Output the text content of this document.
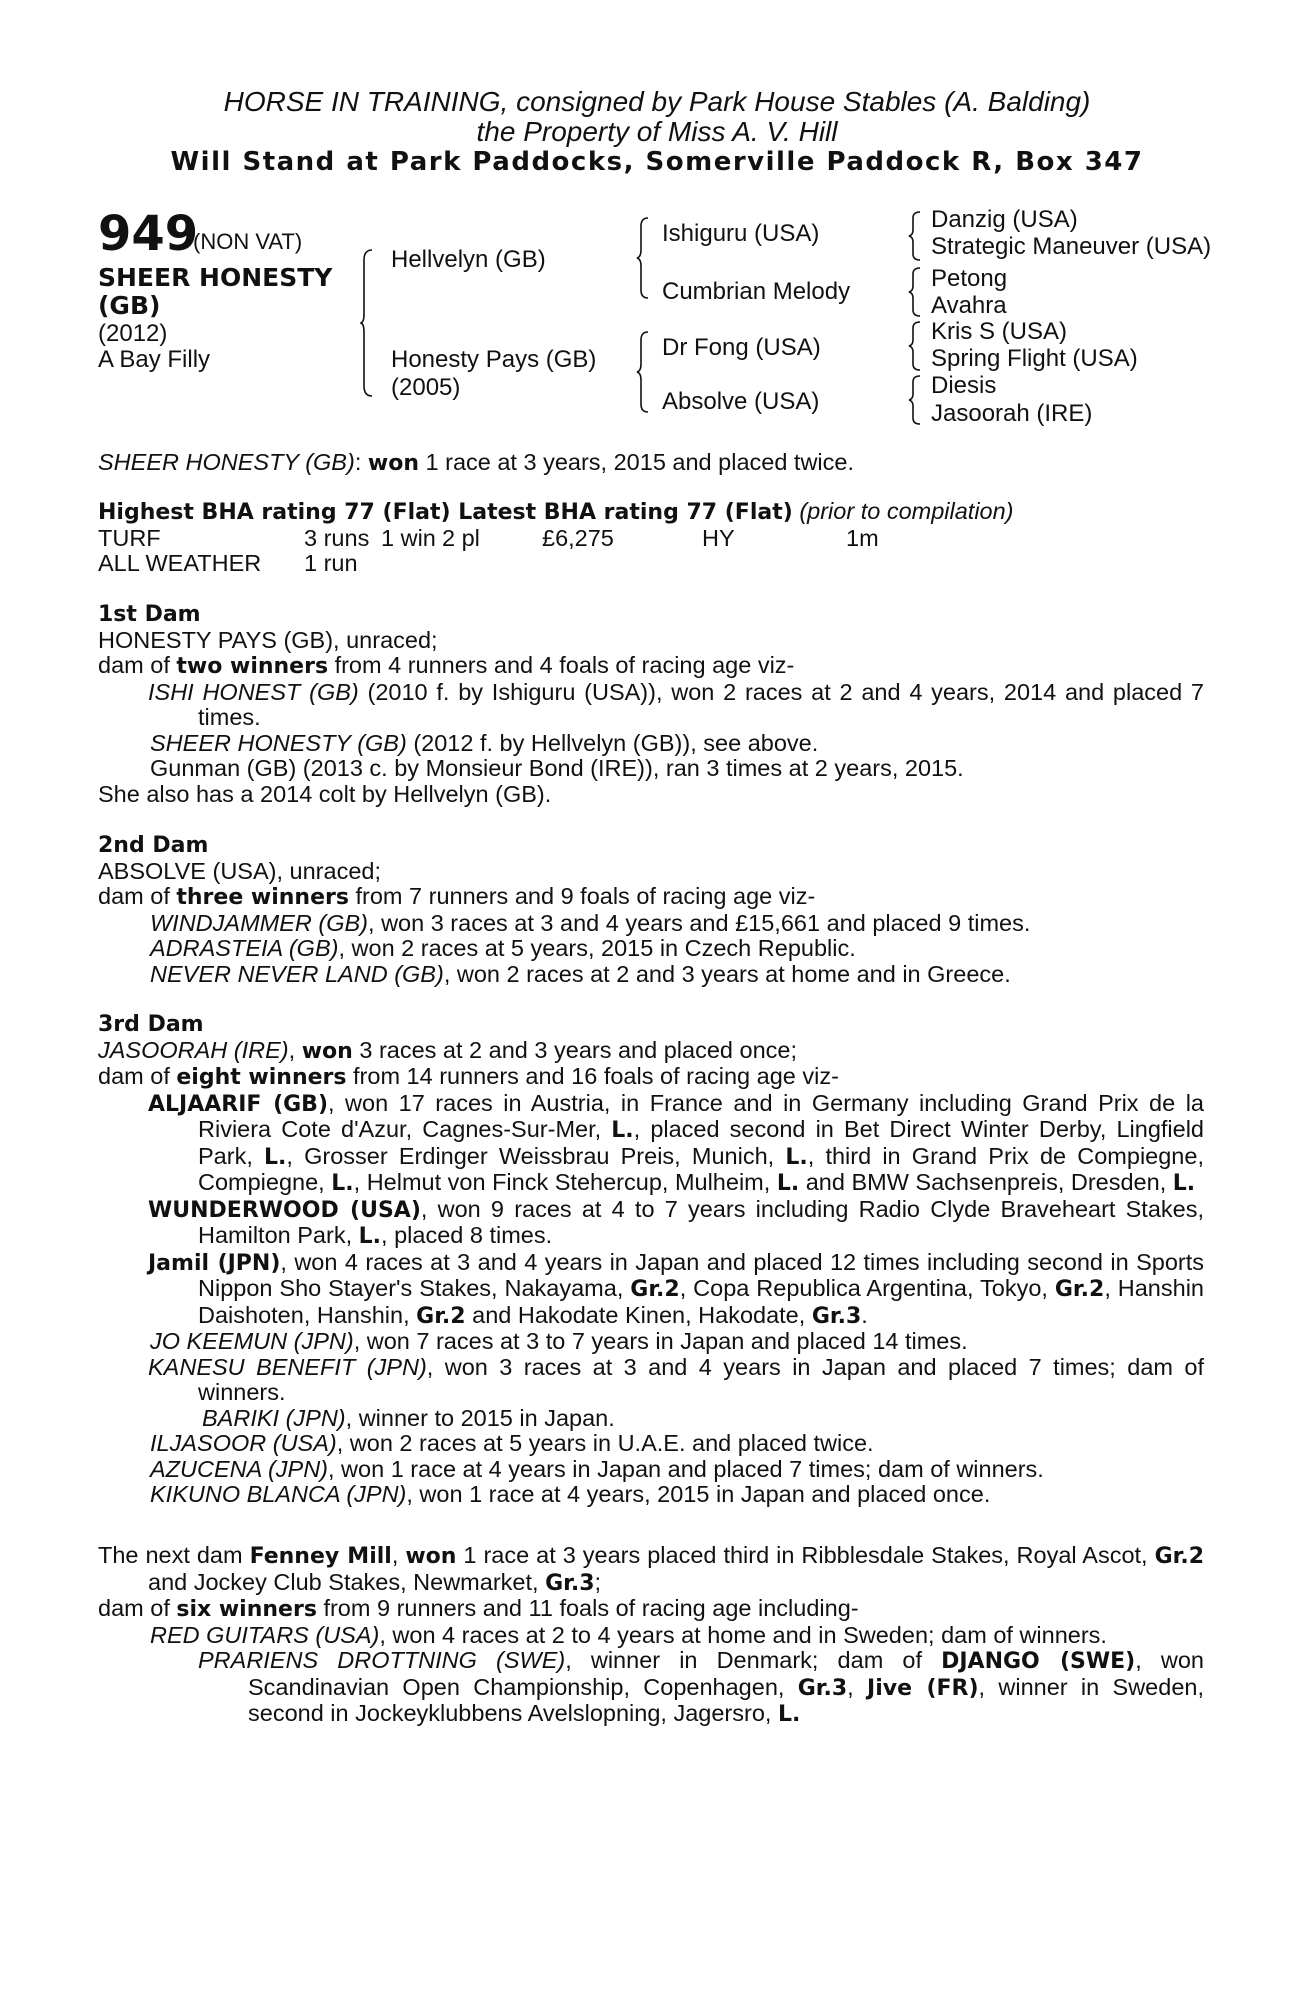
HORSE IN TRAINING, consigned by Park House Stables (A. Balding)
the Property of Miss A. V. Hill
Will Stand at Park Paddocks, Somerville Paddock R, Box 347
949
(NON VAT)
SHEER HONESTY (GB)
(2012)
A Bay Filly
Hellvelyn (GB)
Honesty Pays (GB)
(2005)
Ishiguru (USA)
Cumbrian Melody
Dr Fong (USA)
Absolve (USA)
Danzig (USA)
Strategic Maneuver (USA)
Petong
Avahra
Kris S (USA)
Spring Flight (USA)
Diesis
Jasoorah (IRE)

SHEER HONESTY (GB): won 1 race at 3 years, 2015 and placed twice.

Highest BHA rating 77 (Flat) Latest BHA rating 77 (Flat) (prior to compilation)

TURF	3 runs 1 win 2 pl	£6,275	HY	1m
ALL WEATHER	1 run

1st Dam

HONESTY PAYS (GB), unraced;

dam of two winners from 4 runners and 4 foals of racing age viz-

ISHI HONEST (GB) (2010 f. by Ishiguru (USA)), won 2 races at 2 and 4 years, 2014 and placed 7 times.

SHEER HONESTY (GB) (2012 f. by Hellvelyn (GB)), see above.

Gunman (GB) (2013 c. by Monsieur Bond (IRE)), ran 3 times at 2 years, 2015.

She also has a 2014 colt by Hellvelyn (GB).

2nd Dam

ABSOLVE (USA), unraced;

dam of three winners from 7 runners and 9 foals of racing age viz-

WINDJAMMER (GB), won 3 races at 3 and 4 years and £15,661 and placed 9 times.

ADRASTEIA (GB), won 2 races at 5 years, 2015 in Czech Republic.

NEVER NEVER LAND (GB), won 2 races at 2 and 3 years at home and in Greece.

3rd Dam

JASOORAH (IRE), won 3 races at 2 and 3 years and placed once;

dam of eight winners from 14 runners and 16 foals of racing age viz-

ALJAARIF (GB), won 17 races in Austria, in France and in Germany including Grand Prix de la Riviera Cote d'Azur, Cagnes-Sur-Mer, L., placed second in Bet Direct Winter Derby, Lingfield Park, L., Grosser Erdinger Weissbrau Preis, Munich, L., third in Grand Prix de Compiegne, Compiegne, L., Helmut von Finck Stehercup, Mulheim, L. and BMW Sachsenpreis, Dresden, L.

WUNDERWOOD (USA), won 9 races at 4 to 7 years including Radio Clyde Braveheart Stakes, Hamilton Park, L., placed 8 times.

Jamil (JPN), won 4 races at 3 and 4 years in Japan and placed 12 times including second in Sports Nippon Sho Stayer's Stakes, Nakayama, Gr.2, Copa Republica Argentina, Tokyo, Gr.2, Hanshin Daishoten, Hanshin, Gr.2 and Hakodate Kinen, Hakodate, Gr.3.

JO KEEMUN (JPN), won 7 races at 3 to 7 years in Japan and placed 14 times.

KANESU BENEFIT (JPN), won 3 races at 3 and 4 years in Japan and placed 7 times; dam of winners.

BARIKI (JPN), winner to 2015 in Japan.

ILJASOOR (USA), won 2 races at 5 years in U.A.E. and placed twice.

AZUCENA (JPN), won 1 race at 4 years in Japan and placed 7 times; dam of winners.

KIKUNO BLANCA (JPN), won 1 race at 4 years, 2015 in Japan and placed once.

The next dam Fenney Mill, won 1 race at 3 years placed third in Ribblesdale Stakes, Royal Ascot, Gr.2 and Jockey Club Stakes, Newmarket, Gr.3;

dam of six winners from 9 runners and 11 foals of racing age including-

RED GUITARS (USA), won 4 races at 2 to 4 years at home and in Sweden; dam of winners.

PRARIENS DROTTNING (SWE), winner in Denmark; dam of DJANGO (SWE), won Scandinavian Open Championship, Copenhagen, Gr.3, Jive (FR), winner in Sweden, second in Jockeyklubbens Avelslopning, Jagersro, L.
